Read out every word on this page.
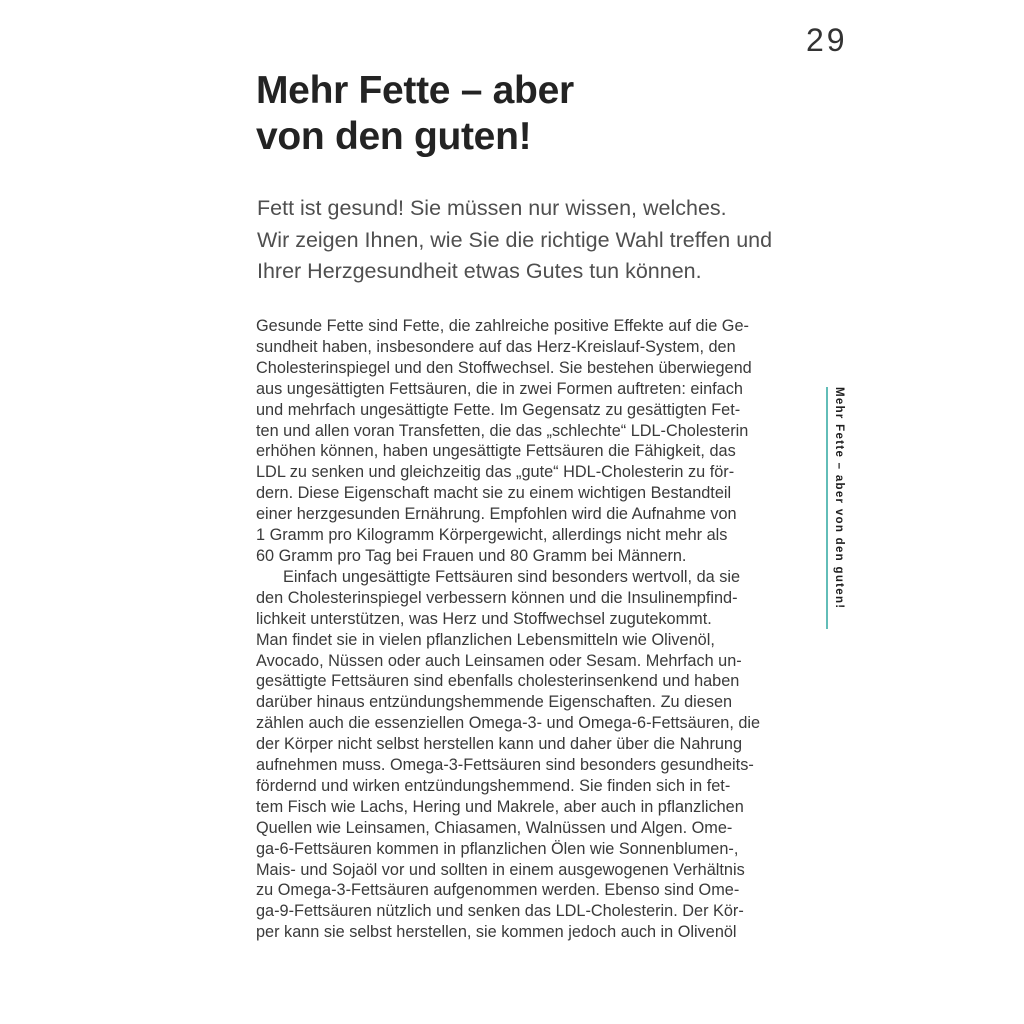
29
Mehr Fette – aber
von den guten!
Fett ist gesund! Sie müssen nur wissen, welches.
Wir zeigen Ihnen, wie Sie die richtige Wahl treffen und
Ihrer Herzgesundheit etwas Gutes tun können.
Gesunde Fette sind Fette, die zahlreiche positive Effekte auf die Ge-
sundheit haben, insbesondere auf das Herz-Kreislauf-System, den
Cholesterinspiegel und den Stoffwechsel. Sie bestehen überwiegend
aus ungesättigten Fettsäuren, die in zwei Formen auftreten: einfach
und mehrfach ungesättigte Fette. Im Gegensatz zu gesättigten Fet-
ten und allen voran Transfetten, die das „schlechte“ LDL-Cholesterin
erhöhen können, haben ungesättigte Fettsäuren die Fähigkeit, das
LDL zu senken und gleichzeitig das „gute“ HDL-Cholesterin zu för-
dern. Diese Eigenschaft macht sie zu einem wichtigen Bestandteil
einer herzgesunden Ernährung. Empfohlen wird die Aufnahme von
1 Gramm pro Kilogramm Körpergewicht, allerdings nicht mehr als
60 Gramm pro Tag bei Frauen und 80 Gramm bei Männern.
Einfach ungesättigte Fettsäuren sind besonders wertvoll, da sie
den Cholesterinspiegel verbessern können und die Insulinempfind-
lichkeit unterstützen, was Herz und Stoffwechsel zugutekommt.
Man findet sie in vielen pflanzlichen Lebensmitteln wie Olivenöl,
Avocado, Nüssen oder auch Leinsamen oder Sesam. Mehrfach un-
gesättigte Fettsäuren sind ebenfalls cholesterinsenkend und haben
darüber hinaus entzündungshemmende Eigenschaften. Zu diesen
zählen auch die essenziellen Omega-3- und Omega-6-Fettsäuren, die
der Körper nicht selbst herstellen kann und daher über die Nahrung
aufnehmen muss. Omega-3-Fettsäuren sind besonders gesundheits-
fördernd und wirken entzündungshemmend. Sie finden sich in fet-
tem Fisch wie Lachs, Hering und Makrele, aber auch in pflanzlichen
Quellen wie Leinsamen, Chiasamen, Walnüssen und Algen. Ome-
ga-6-Fettsäuren kommen in pflanzlichen Ölen wie Sonnenblumen-,
Mais- und Sojaöl vor und sollten in einem ausgewogenen Verhältnis
zu Omega-3-Fettsäuren aufgenommen werden. Ebenso sind Ome-
ga-9-Fettsäuren nützlich und senken das LDL-Cholesterin. Der Kör-
per kann sie selbst herstellen, sie kommen jedoch auch in Olivenöl
Mehr Fette – aber von den guten!
